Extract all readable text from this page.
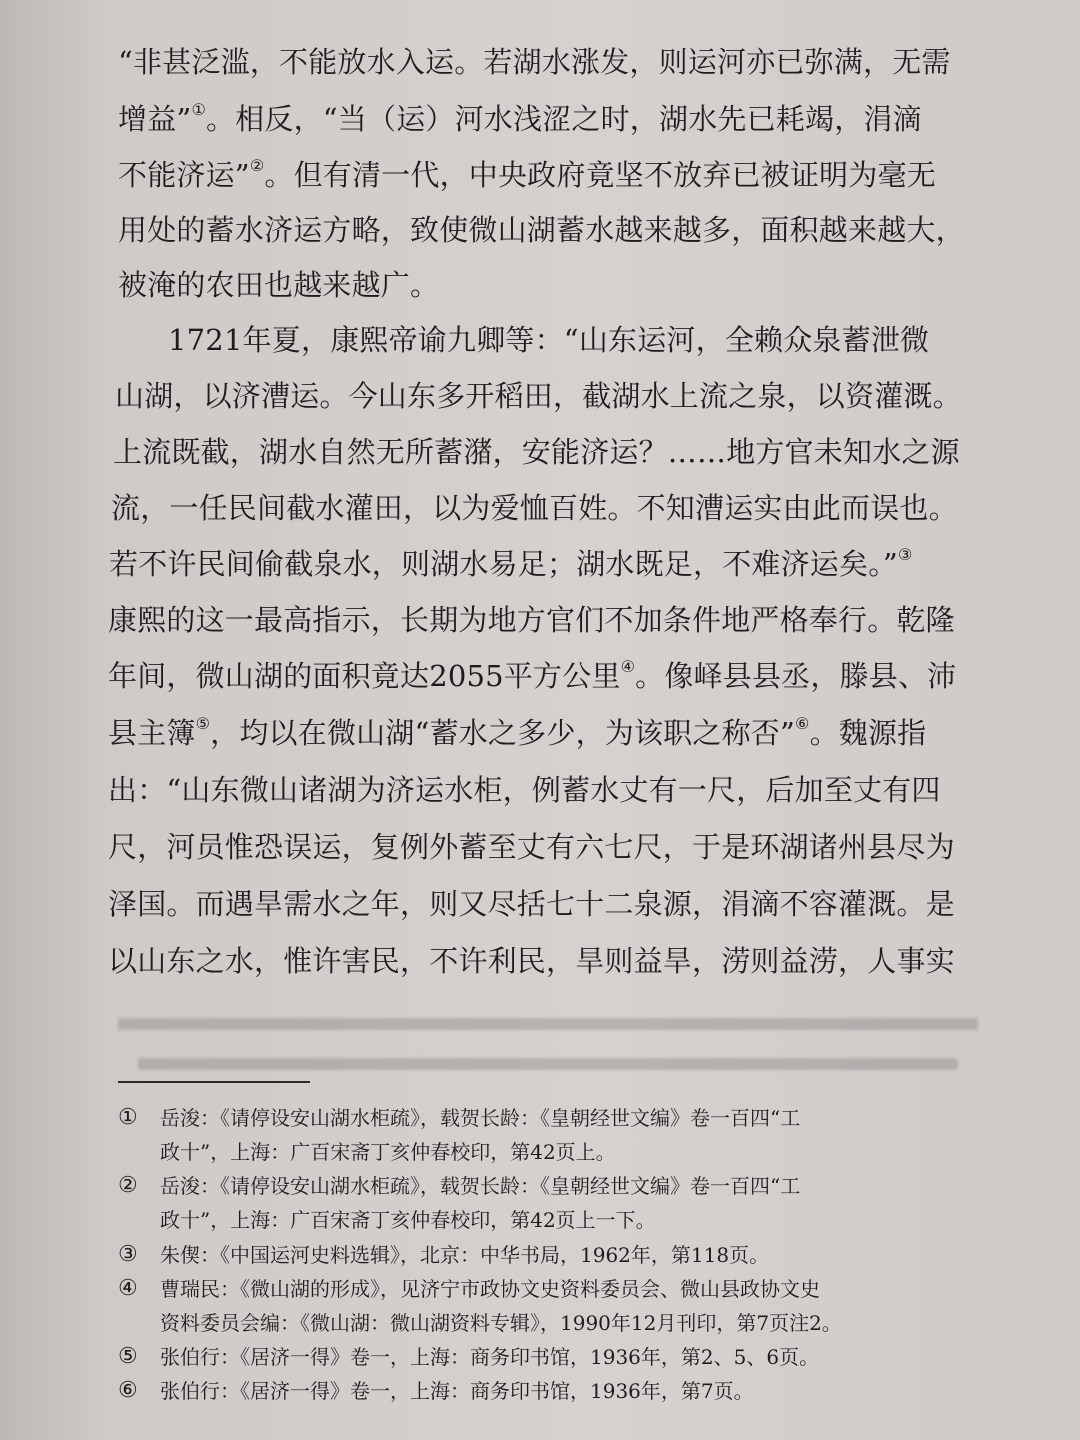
“非甚泛滥，不能放水入运。若湖水涨发，则运河亦已弥满，无需
增益”①。相反，“当（运）河水浅涩之时，湖水先已耗竭，涓滴
不能济运”②。但有清一代，中央政府竟坚不放弃已被证明为毫无
用处的蓄水济运方略，致使微山湖蓄水越来越多，面积越来越大，
被淹的农田也越来越广。
1721年夏，康熙帝谕九卿等：“山东运河，全赖众泉蓄泄微
山湖，以济漕运。今山东多开稻田，截湖水上流之泉，以资灌溉。
上流既截，湖水自然无所蓄潴，安能济运？……地方官未知水之源
流，一任民间截水灌田，以为爱恤百姓。不知漕运实由此而误也。
若不许民间偷截泉水，则湖水易足；湖水既足，不难济运矣。”③
康熙的这一最高指示，长期为地方官们不加条件地严格奉行。乾隆
年间，微山湖的面积竟达2055平方公里④。像峄县县丞，滕县、沛
县主簿⑤，均以在微山湖“蓄水之多少，为该职之称否”⑥。魏源指
出：“山东微山诸湖为济运水柜，例蓄水丈有一尺，后加至丈有四
尺，河员惟恐误运，复例外蓄至丈有六七尺，于是环湖诸州县尽为
泽国。而遇旱需水之年，则又尽括七十二泉源，涓滴不容灌溉。是
以山东之水，惟许害民，不许利民，旱则益旱，涝则益涝，人事实
①	岳浚：《请停设安山湖水柜疏》，载贺长龄：《皇朝经世文编》卷一百四“工
政十”，上海：广百宋斋丁亥仲春校印，第42页上。
②	岳浚：《请停设安山湖水柜疏》，载贺长龄：《皇朝经世文编》卷一百四“工
政十”，上海：广百宋斋丁亥仲春校印，第42页上一下。
③	朱偰：《中国运河史料选辑》，北京：中华书局，1962年，第118页。
④	曹瑞民：《微山湖的形成》，见济宁市政协文史资料委员会、微山县政协文史
资料委员会编：《微山湖：微山湖资料专辑》，1990年12月刊印，第7页注2。
⑤	张伯行：《居济一得》卷一，上海：商务印书馆，1936年，第2、5、6页。
⑥	张伯行：《居济一得》卷一，上海：商务印书馆，1936年，第7页。
